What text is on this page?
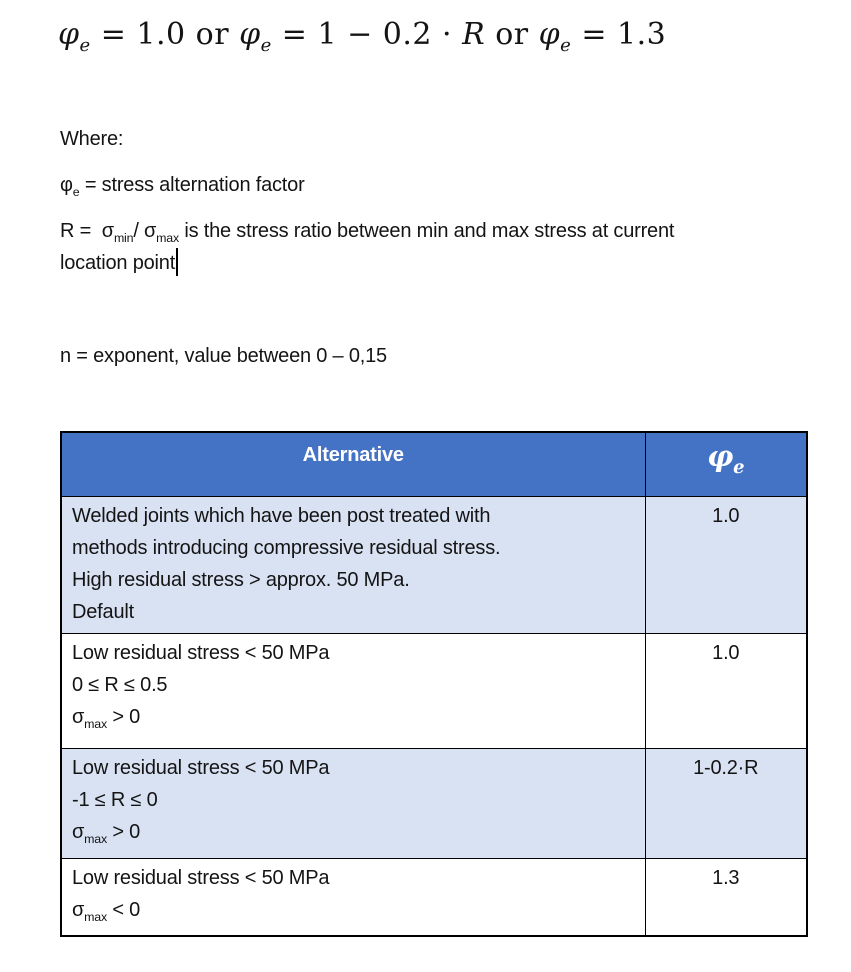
$\varphi_e = 1.0$ or $\varphi_e = 1 - 0.2 \cdot R$ or $\varphi_e = 1.3$
Where:
$\varphi_e$ = stress alternation factor
$R = \sigma_{min}/$ $\sigma_{max}$ is the stress ratio between min and max stress at current
location point
n = exponent, value between 0 – 0,15
Alternative	$\varphi_e$

Welded joints which have been post treated with
methods introducing compressive residual stress.
High residual stress > approx. 50 MPa.
Default	1.0

Low residual stress < 50 MPa
0 ≤ R ≤ 0.5
$\sigma_{max} > 0$	1.0

Low residual stress < 50 MPa
-1 ≤ R ≤ 0
$\sigma_{max} > 0$	1-0.2·R

Low residual stress < 50 MPa
$\sigma_{max} < 0$	1.3
